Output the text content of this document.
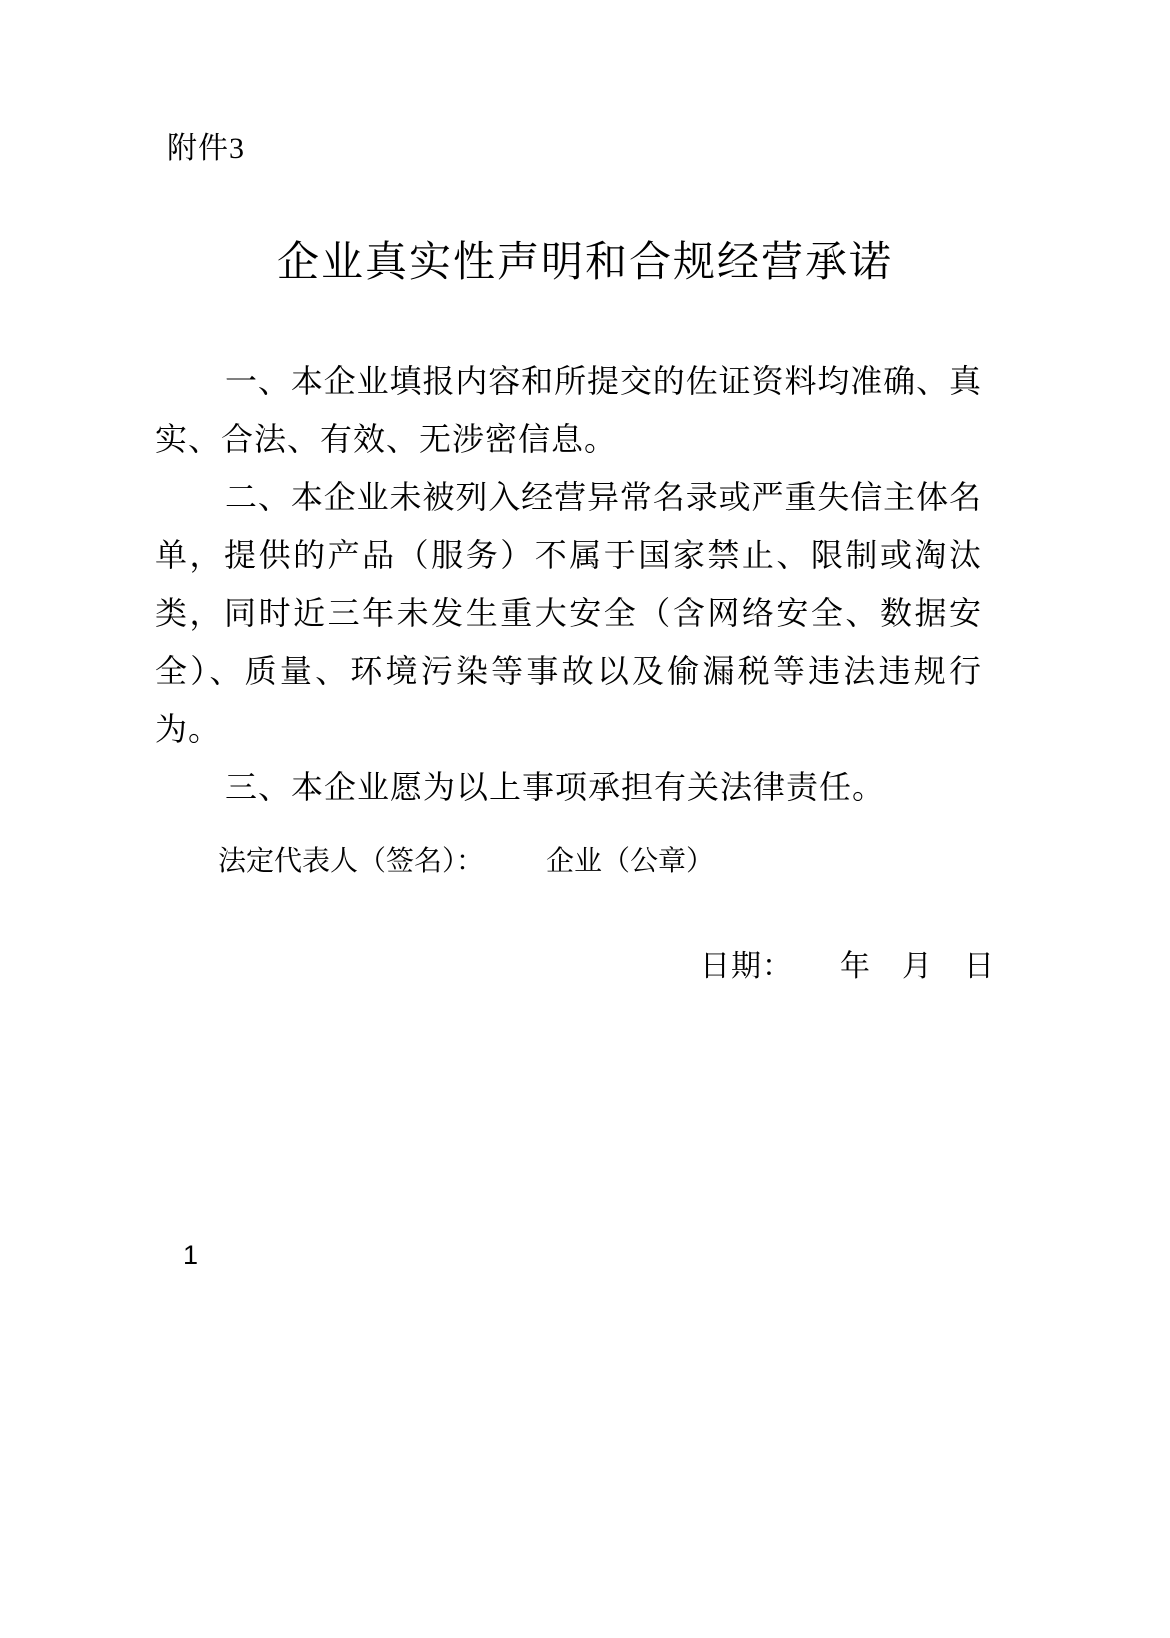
附件3
企业真实性声明和合规经营承诺
一、本企业填报内容和所提交的佐证资料均准确、真
实、合法、有效、无涉密信息。
二、本企业未被列入经营异常名录或严重失信主体名
单，提供的产品（服务）不属于国家禁止、限制或淘汰
类，同时近三年未发生重大安全（含网络安全、数据安
全）、质量、环境污染等事故以及偷漏税等违法违规行
为。
三、本企业愿为以上事项承担有关法律责任。
法定代表人（签名）： 企业（公章）
日期：　　年　月　日
1
